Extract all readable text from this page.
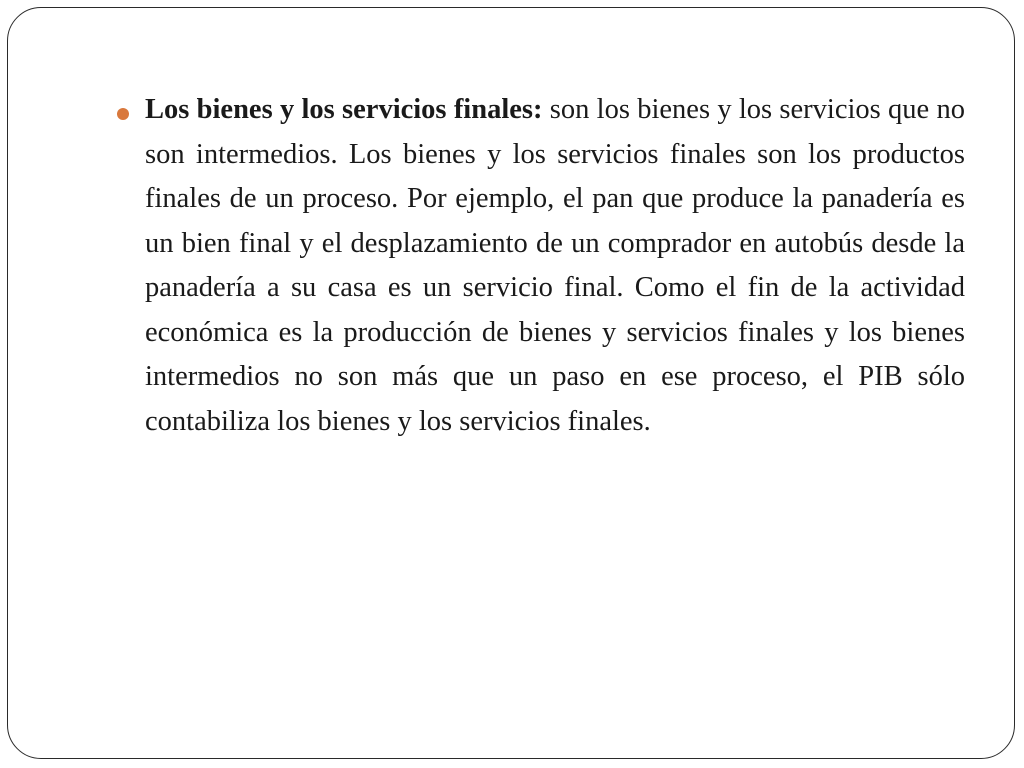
Los bienes y los servicios finales: son los bienes y los servicios que no son intermedios. Los bienes y los servicios finales son los productos finales de un proceso. Por ejemplo, el pan que produce la panadería es un bien final y el desplazamiento de un comprador en autobús desde la panadería a su casa es un servicio final. Como el fin de la actividad económica es la producción de bienes y servicios finales y los bienes intermedios no son más que un paso en ese proceso, el PIB sólo contabiliza los bienes y los servicios finales.
